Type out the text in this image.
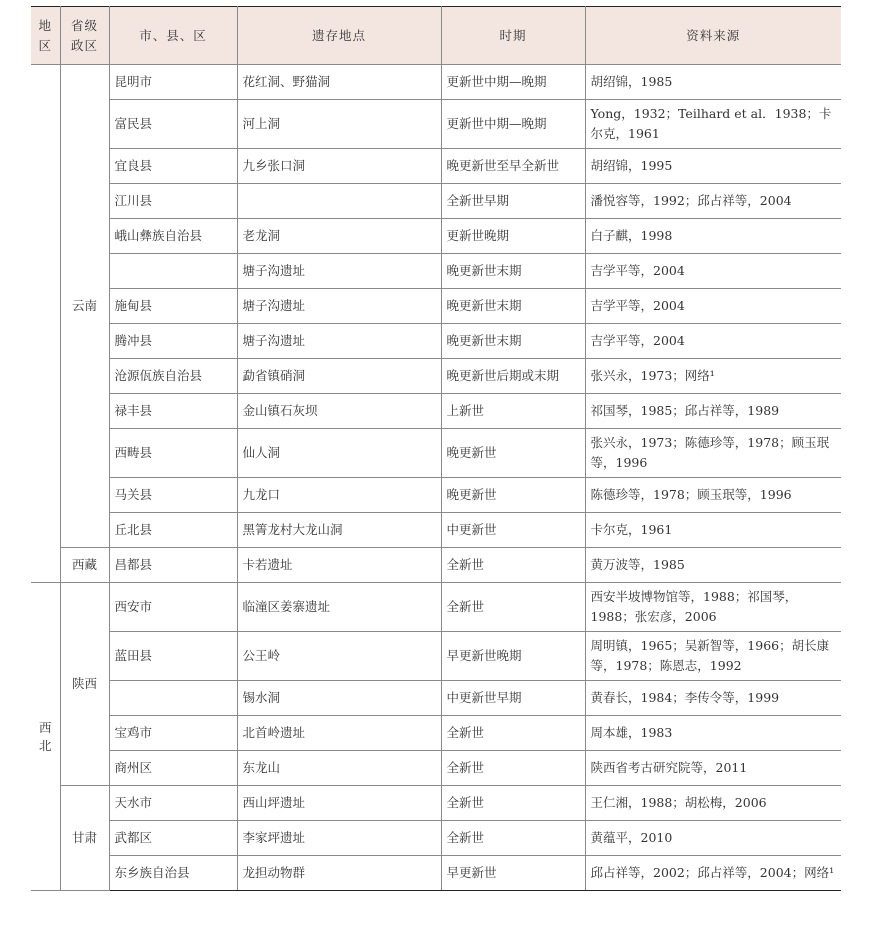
地区	省级政区	市、县、区	遗存地点	时期	资料来源
	云南	昆明市	花红洞、野猫洞	更新世中期—晚期	胡绍锦，1985
		富民县	河上洞	更新世中期—晚期	Yong，1932；Teilhard et al．1938；卡尔克，1961
		宜良县	九乡张口洞	晚更新世至早全新世	胡绍锦，1995
		江川县		全新世早期	潘悦容等，1992；邱占祥等，2004
		峨山彝族自治县	老龙洞	更新世晚期	白子麒，1998
			塘子沟遗址	晚更新世末期	吉学平等，2004
		施甸县	塘子沟遗址	晚更新世末期	吉学平等，2004
		腾冲县	塘子沟遗址	晚更新世末期	吉学平等，2004
		沧源佤族自治县	勐省镇硝洞	晚更新世后期或末期	张兴永，1973；网络¹
		禄丰县	金山镇石灰坝	上新世	祁国琴，1985；邱占祥等，1989
		西畴县	仙人洞	晚更新世	张兴永，1973；陈德珍等，1978；顾玉珉等，1996
		马关县	九龙口	晚更新世	陈德珍等，1978；顾玉珉等，1996
		丘北县	黑箐龙村大龙山洞	中更新世	卡尔克，1961
	西藏	昌都县	卡若遗址	全新世	黄万波等，1985
西北	陕西	西安市	临潼区姜寨遗址	全新世	西安半坡博物馆等，1988；祁国琴，1988；张宏彦，2006
		蓝田县	公王岭	早更新世晚期	周明镇，1965；吴新智等，1966；胡长康等，1978；陈恩志，1992
			锡水洞	中更新世早期	黄春长，1984；李传令等，1999
		宝鸡市	北首岭遗址	全新世	周本雄，1983
		商州区	东龙山	全新世	陕西省考古研究院等，2011
	甘肃	天水市	西山坪遗址	全新世	王仁湘，1988；胡松梅，2006
		武都区	李家坪遗址	全新世	黄蕴平，2010
		东乡族自治县	龙担动物群	早更新世	邱占祥等，2002；邱占祥等，2004；网络¹
